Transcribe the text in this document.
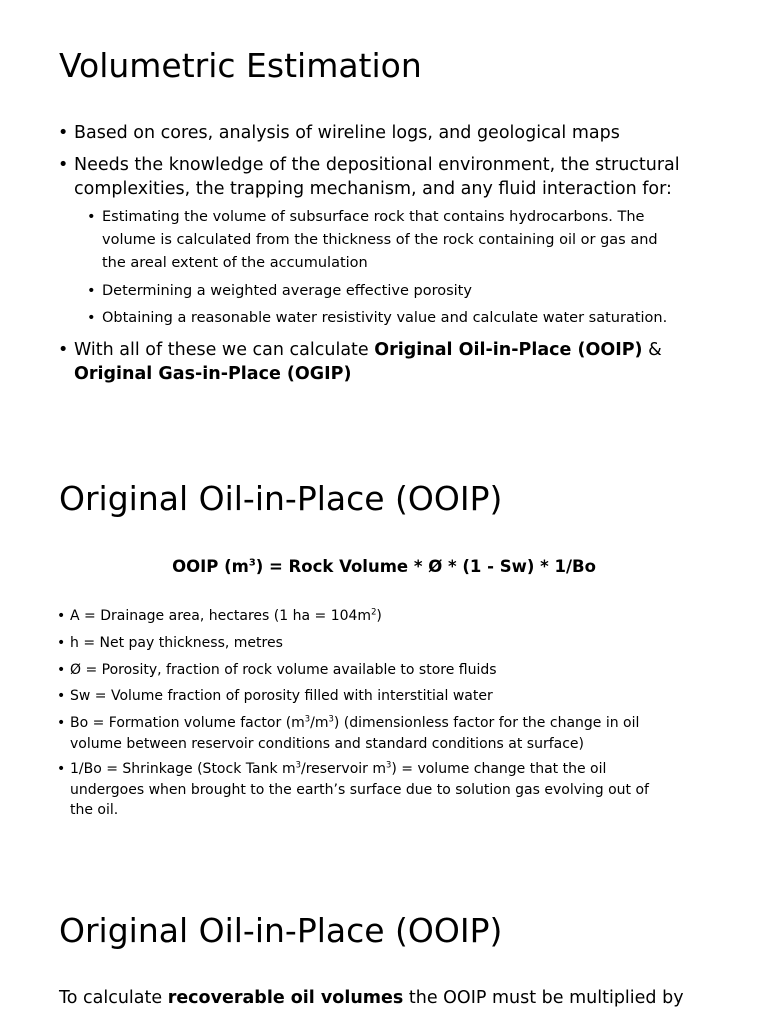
Volumetric Estimation

• Based on cores, analysis of wireline logs, and geological maps

• Needs the knowledge of the depositional environment, the structural
complexities, the trapping mechanism, and any fluid interaction for:

• Estimating the volume of subsurface rock that contains hydrocarbons. The
volume is calculated from the thickness of the rock containing oil or gas and
the areal extent of the accumulation

• Determining a weighted average effective porosity

• Obtaining a reasonable water resistivity value and calculate water saturation.

• With all of these we can calculate Original Oil-in-Place (OOIP) &
Original Gas-in-Place (OGIP)

Original Oil-in-Place (OOIP)
OOIP $(m^3)$ = Rock Volume * Ø * (1 - Sw) * 1/Bo

• A = Drainage area, hectares (1 ha = $104m^2$)

• h = Net pay thickness, metres

• Ø = Porosity, fraction of rock volume available to store fluids

• Sw = Volume fraction of porosity filled with interstitial water

• Bo = Formation volume factor $(m^3/m^3)$ (dimensionless factor for the change in oil
volume between reservoir conditions and standard conditions at surface)

• 1/Bo = Shrinkage (Stock Tank $m^3$/reservoir $m^3$) = volume change that the oil
undergoes when brought to the earth’s surface due to solution gas evolving out of
the oil.

Original Oil-in-Place (OOIP)

To calculate recoverable oil volumes the OOIP must be multiplied by
